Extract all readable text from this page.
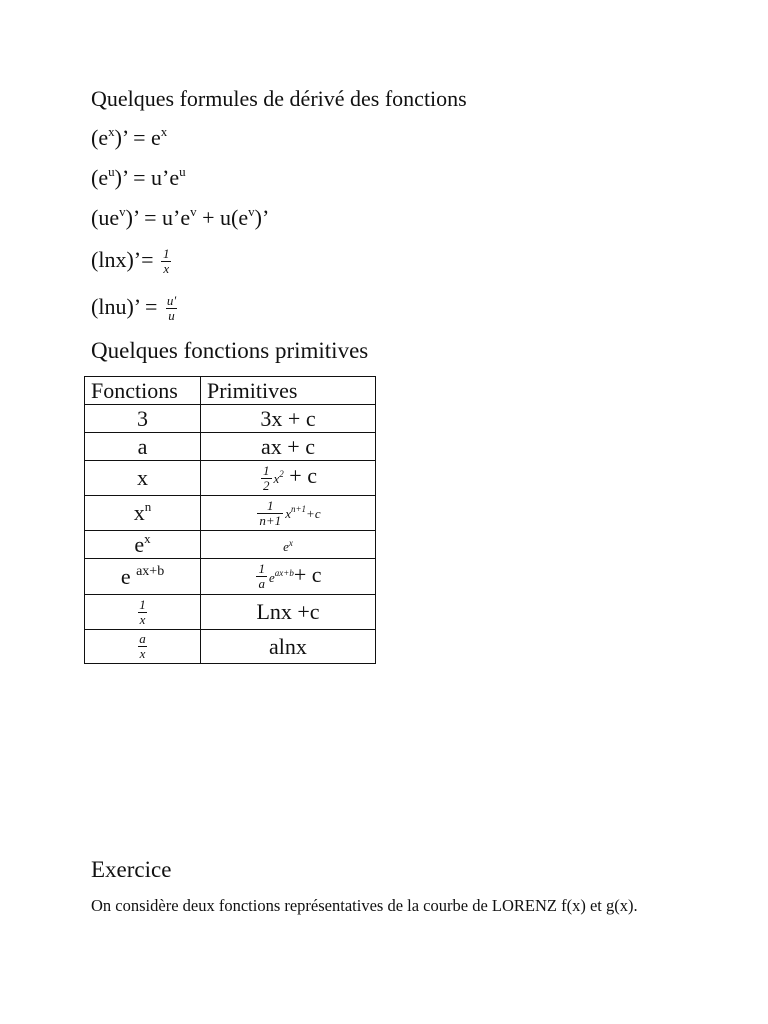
Quelques formules de dérivé des fonctions
$(e^x)$’ = $e^x$
$(e^u)$’ = $u’e^u$
$(ue^v)$’ = $u’e^v + u(e^v)$’
(lnx)’= $\frac{1}{x}$
(lnu)’ = $\frac{u'}{u}$
Quelques fonctions primitives
Fonctions	Primitives
3	3x + c
a	ax + c
x	$\frac{1}{2} x^2 + c$
$x^n$	$\frac{1}{n+1} x^{n+1}+c$
$e^x$	$e^x$
e $^{ax+b}$	$\frac{1}{a} e^{ax+b}+ c$

$\frac{1}{x}$	Lnx +c

$\frac{a}{x}$	alnx
Exercice
On considère deux fonctions représentatives de la courbe de LORENZ f(x) et g(x).
